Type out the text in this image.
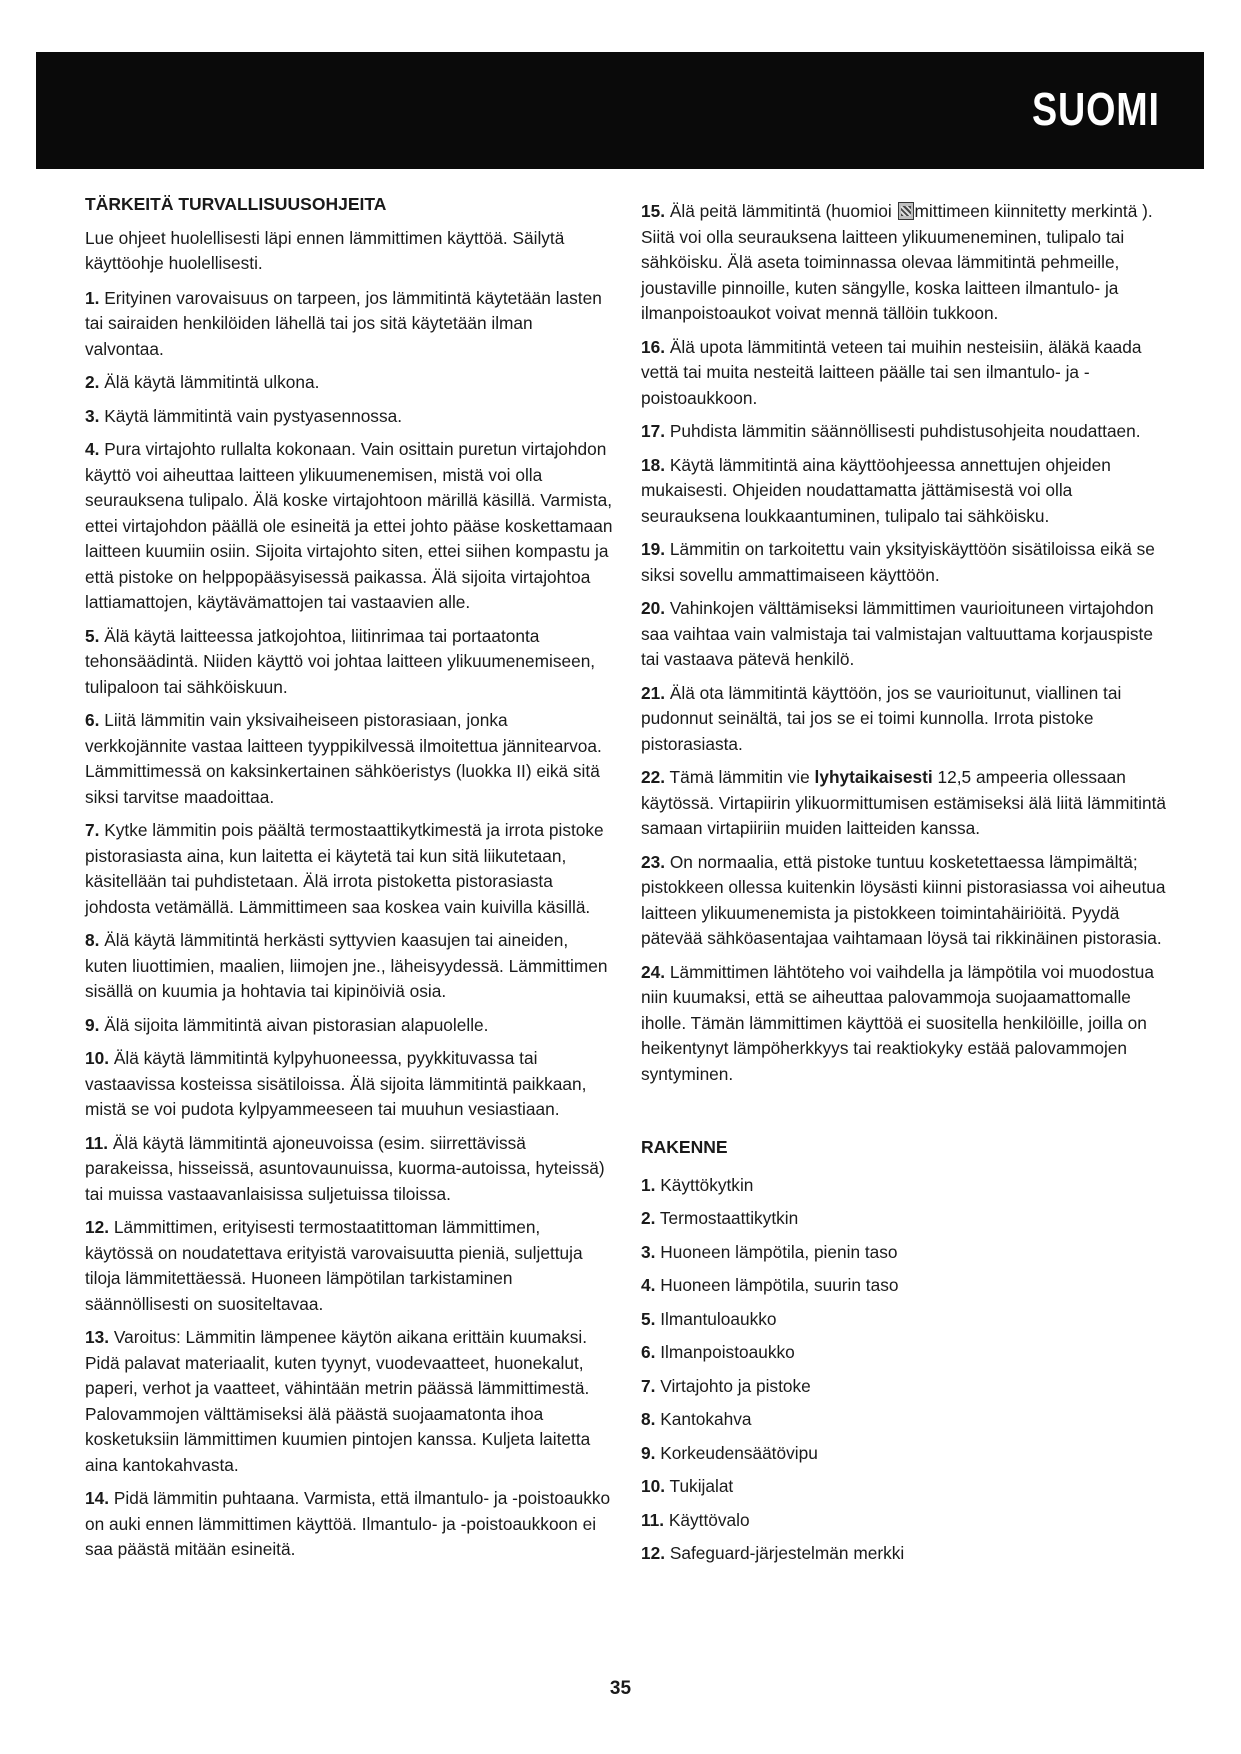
SUOMI
TÄRKEITÄ TURVALLISUUSOHJEITA

Lue ohjeet huolellisesti läpi ennen lämmittimen käyttöä. Säilytä käyttöohje huolellisesti.

1. Erityinen varovaisuus on tarpeen, jos lämmitintä käytetään lasten tai sairaiden henkilöiden lähellä tai jos sitä käytetään ilman valvontaa.

2. Älä käytä lämmitintä ulkona.

3. Käytä lämmitintä vain pystyasennossa.

4. Pura virtajohto rullalta kokonaan. Vain osittain puretun virtajohdon käyttö voi aiheuttaa laitteen ylikuumenemisen, mistä voi olla seurauksena tulipalo. Älä koske virtajohtoon märillä käsillä. Varmista, ettei virtajohdon päällä ole esineitä ja ettei johto pääse koskettamaan laitteen kuumiin osiin. Sijoita virtajohto siten, ettei siihen kompastu ja että pistoke on helppopääsyisessä paikassa. Älä sijoita virtajohtoa lattiamattojen, käytävämattojen tai vastaavien alle.

5. Älä käytä laitteessa jatkojohtoa, liitinrimaa tai portaatonta tehonsäädintä. Niiden käyttö voi johtaa laitteen ylikuumenemiseen, tulipaloon tai sähköiskuun.

6. Liitä lämmitin vain yksivaiheiseen pistorasiaan, jonka verkkojännite vastaa laitteen tyyppikilvessä ilmoitettua jännitearvoa. Lämmittimessä on kaksinkertainen sähköeristys (luokka II) eikä sitä siksi tarvitse maadoittaa.

7. Kytke lämmitin pois päältä termostaattikytkimestä ja irrota pistoke pistorasiasta aina, kun laitetta ei käytetä tai kun sitä liikutetaan, käsitellään tai puhdistetaan. Älä irrota pistoketta pistorasiasta johdosta vetämällä. Lämmittimeen saa koskea vain kuivilla käsillä.

8. Älä käytä lämmitintä herkästi syttyvien kaasujen tai aineiden, kuten liuottimien, maalien, liimojen jne., läheisyydessä. Lämmittimen sisällä on kuumia ja hohtavia tai kipinöiviä osia.

9. Älä sijoita lämmitintä aivan pistorasian alapuolelle.

10. Älä käytä lämmitintä kylpyhuoneessa, pyykkituvassa tai vastaavissa kosteissa sisätiloissa. Älä sijoita lämmitintä paikkaan, mistä se voi pudota kylpyammeeseen tai muuhun vesiastiaan.

11. Älä käytä lämmitintä ajoneuvoissa (esim. siirrettävissä parakeissa, hisseissä, asuntovaunuissa, kuorma-autoissa, hyteissä) tai muissa vastaavanlaisissa suljetuissa tiloissa.

12. Lämmittimen, erityisesti termostaatittoman lämmittimen, käytössä on noudatettava erityistä varovaisuutta pieniä, suljettuja tiloja lämmitettäessä. Huoneen lämpötilan tarkistaminen säännöllisesti on suositeltavaa.

13. Varoitus: Lämmitin lämpenee käytön aikana erittäin kuumaksi. Pidä palavat materiaalit, kuten tyynyt, vuodevaatteet, huonekalut, paperi, verhot ja vaatteet, vähintään metrin päässä lämmittimestä. Palovammojen välttämiseksi älä päästä suojaamatonta ihoa kosketuksiin lämmittimen kuumien pintojen kanssa. Kuljeta laitetta aina kantokahvasta.

14. Pidä lämmitin puhtaana. Varmista, että ilmantulo- ja -poistoaukko on auki ennen lämmittimen käyttöä. Ilmantulo- ja -poistoaukkoon ei saa päästä mitään esineitä.

15. Älä peitä lämmitintä (huomioi mittimeen kiinnitetty merkintä ). Siitä voi olla seurauksena laitteen ylikuumeneminen, tulipalo tai sähköisku. Älä aseta toiminnassa olevaa lämmitintä pehmeille, joustaville pinnoille, kuten sängylle, koska laitteen ilmantulo- ja ilmanpoistoaukot voivat mennä tällöin tukkoon.

16. Älä upota lämmitintä veteen tai muihin nesteisiin, äläkä kaada vettä tai muita nesteitä laitteen päälle tai sen ilmantulo- ja -poistoaukkoon.

17. Puhdista lämmitin säännöllisesti puhdistusohjeita noudattaen.

18. Käytä lämmitintä aina käyttöohjeessa annettujen ohjeiden mukaisesti. Ohjeiden noudattamatta jättämisestä voi olla seurauksena loukkaantuminen, tulipalo tai sähköisku.

19. Lämmitin on tarkoitettu vain yksityiskäyttöön sisätiloissa eikä se siksi sovellu ammattimaiseen käyttöön.

20. Vahinkojen välttämiseksi lämmittimen vaurioituneen virtajohdon saa vaihtaa vain valmistaja tai valmistajan valtuuttama korjauspiste tai vastaava pätevä henkilö.

21. Älä ota lämmitintä käyttöön, jos se vaurioitunut, viallinen tai pudonnut seinältä, tai jos se ei toimi kunnolla. Irrota pistoke pistorasiasta.

22. Tämä lämmitin vie lyhytaikaisesti 12,5 ampeeria ollessaan käytössä. Virtapiirin ylikuormittumisen estämiseksi älä liitä lämmitintä samaan virtapiiriin muiden laitteiden kanssa.

23. On normaalia, että pistoke tuntuu kosketettaessa lämpimältä; pistokkeen ollessa kuitenkin löysästi kiinni pistorasiassa voi aiheutua laitteen ylikuumenemista ja pistokkeen toimintahäiriöitä. Pyydä pätevää sähköasentajaa vaihtamaan löysä tai rikkinäinen pistorasia.

24. Lämmittimen lähtöteho voi vaihdella ja lämpötila voi muodostua niin kuumaksi, että se aiheuttaa palovammoja suojaamattomalle iholle. Tämän lämmittimen käyttöä ei suositella henkilöille, joilla on heikentynyt lämpöherkkyys tai reaktiokyky estää palovammojen syntyminen.

RAKENNE
1. Käyttökytkin
2. Termostaattikytkin
3. Huoneen lämpötila, pienin taso
4. Huoneen lämpötila, suurin taso
5. Ilmantuloaukko
6. Ilmanpoistoaukko
7. Virtajohto ja pistoke
8. Kantokahva
9. Korkeudensäätövipu
10. Tukijalat
11. Käyttövalo
12. Safeguard-järjestelmän merkki
35
